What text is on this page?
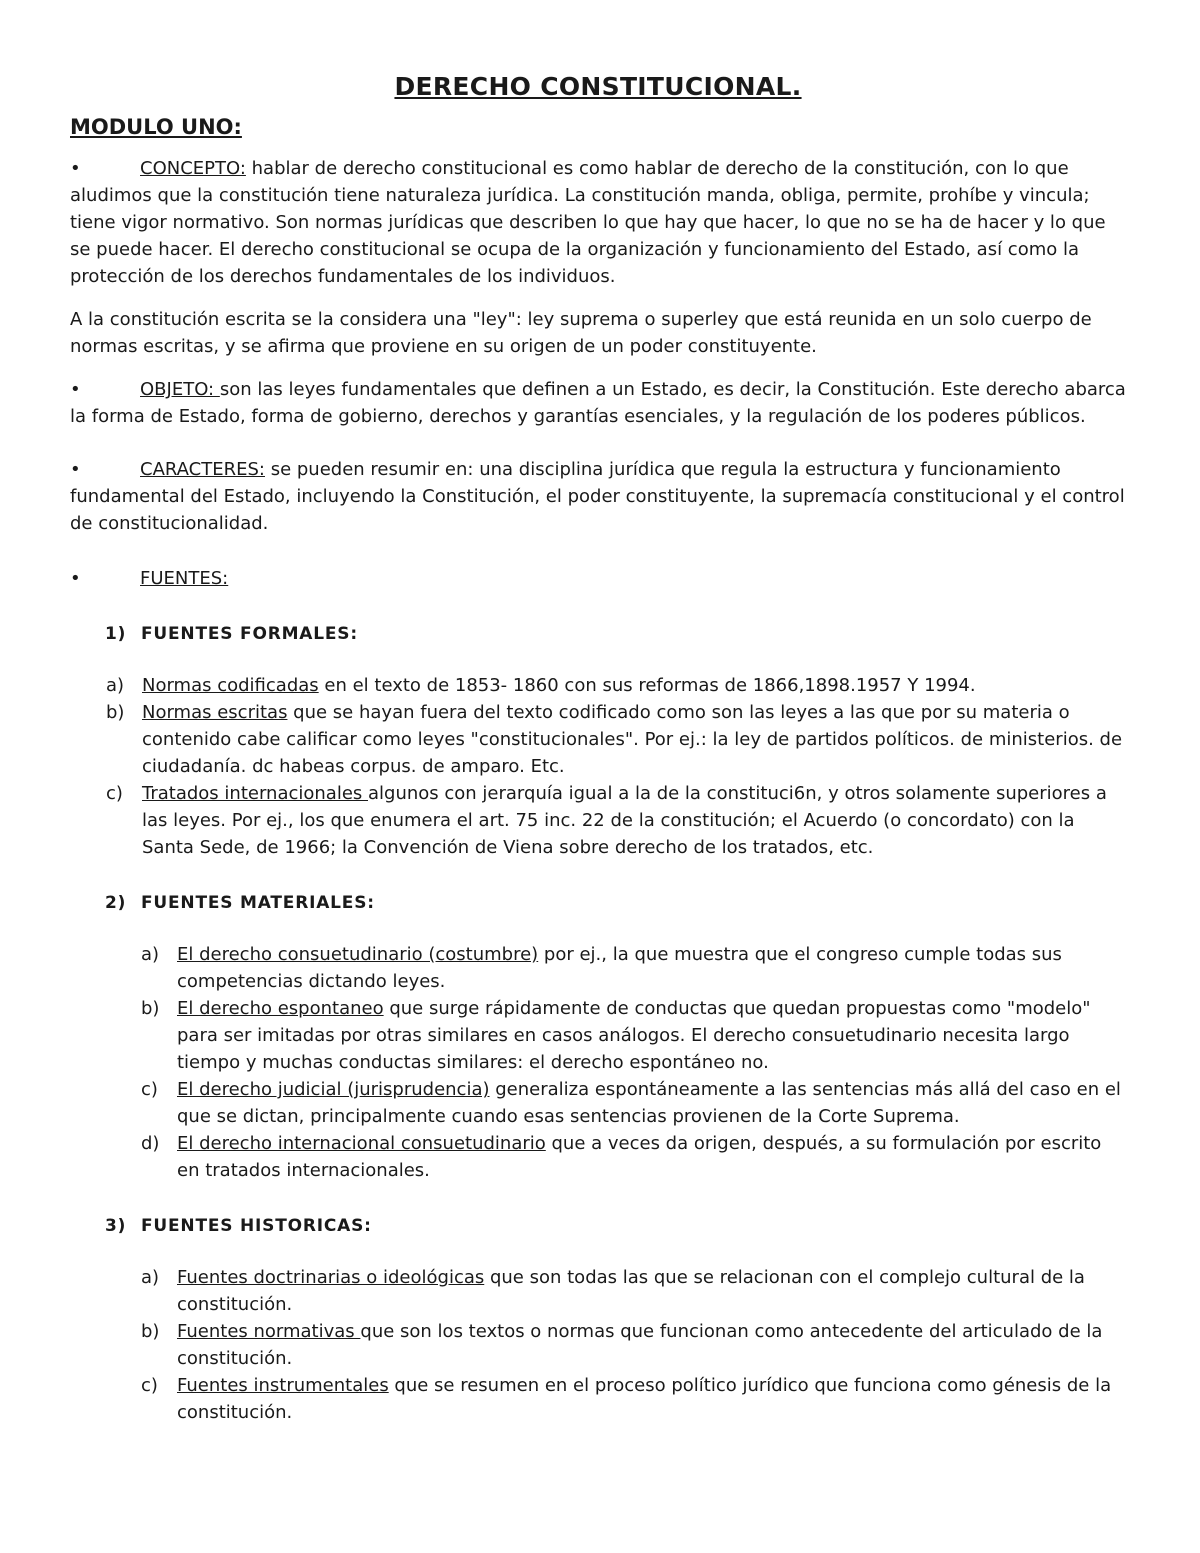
DERECHO CONSTITUCIONAL.
MODULO UNO:

•	CONCEPTO: hablar de derecho constitucional es como hablar de derecho de la constitución, con lo que aludimos que la constitución tiene naturaleza jurídica. La constitución manda, obliga, permite, prohíbe y vincula; tiene vigor normativo. Son normas jurídicas que describen lo que hay que hacer, lo que no se ha de hacer y lo que se puede hacer. El derecho constitucional se ocupa de la organización y funcionamiento del Estado, así como la protección de los derechos fundamentales de los individuos.

A la constitución escrita se la considera una "ley": ley suprema o superley que está reunida en un solo cuerpo de normas escritas, y se afirma que proviene en su origen de un poder constituyente.

•	OBJETO: son las leyes fundamentales que definen a un Estado, es decir, la Constitución. Este derecho abarca la forma de Estado, forma de gobierno, derechos y garantías esenciales, y la regulación de los poderes públicos.

•	CARACTERES: se pueden resumir en: una disciplina jurídica que regula la estructura y funcionamiento fundamental del Estado, incluyendo la Constitución, el poder constituyente, la supremacía constitucional y el control de constitucionalidad.

•	FUENTES:

1) FUENTES FORMALES:
a) Normas codificadas en el texto de 1853- 1860 con sus reformas de 1866,1898.1957 Y 1994.
b) Normas escritas que se hayan fuera del texto codificado como son las leyes a las que por su materia o contenido cabe calificar como leyes "constitucionales". Por ej.: la ley de partidos políticos. de ministerios. de ciudadanía. dc habeas corpus. de amparo. Etc.
c) Tratados internacionales algunos con jerarquía igual a la de la constituci6n, y otros solamente superiores a las leyes. Por ej., los que enumera el art. 75 inc. 22 de la constitución; el Acuerdo (o concordato) con la Santa Sede, de 1966; la Convención de Viena sobre derecho de los tratados, etc.
2) FUENTES MATERIALES:
a) El derecho consuetudinario (costumbre) por ej., la que muestra que el congreso cumple todas sus competencias dictando leyes.
b) El derecho espontaneo que surge rápidamente de conductas que quedan propuestas como "modelo" para ser imitadas por otras similares en casos análogos. El derecho consuetudinario necesita largo tiempo y muchas conductas similares: el derecho espontáneo no.
c) El derecho judicial (jurisprudencia) generaliza espontáneamente a las sentencias más allá del caso en el que se dictan, principalmente cuando esas sentencias provienen de la Corte Suprema.
d) El derecho internacional consuetudinario que a veces da origen, después, a su formulación por escrito en tratados internacionales.
3) FUENTES HISTORICAS:
a) Fuentes doctrinarias o ideológicas que son todas las que se relacionan con el complejo cultural de la constitución.
b) Fuentes normativas que son los textos o normas que funcionan como antecedente del articulado de la constitución.
c) Fuentes instrumentales que se resumen en el proceso político jurídico que funciona como génesis de la constitución.
